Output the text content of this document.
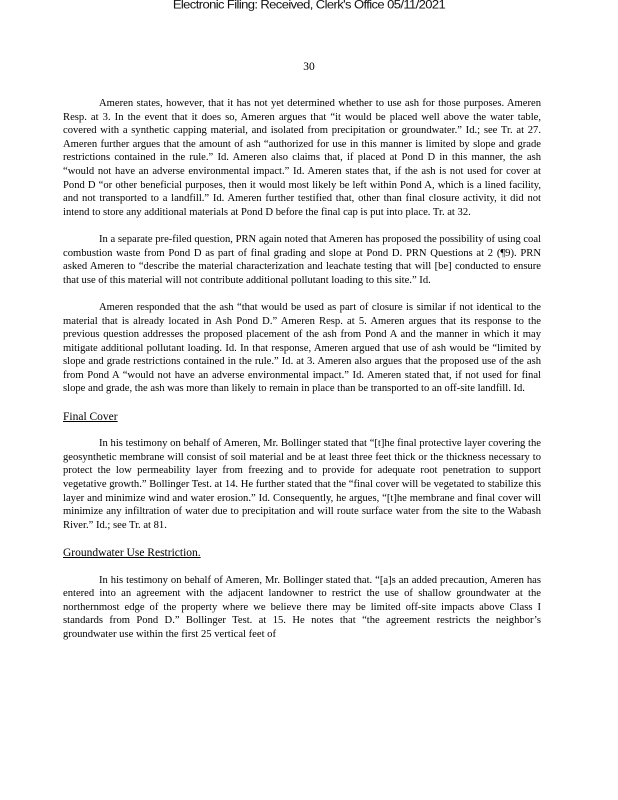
Electronic Filing: Received, Clerk's Office 05/11/2021
30

Ameren states, however, that it has not yet determined whether to use ash for those purposes. Ameren Resp. at 3. In the event that it does so, Ameren argues that “it would be placed well above the water table, covered with a synthetic capping material, and isolated from precipitation or groundwater.” Id.; see Tr. at 27. Ameren further argues that the amount of ash “authorized for use in this manner is limited by slope and grade restrictions contained in the rule.” Id. Ameren also claims that, if placed at Pond D in this manner, the ash “would not have an adverse environmental impact.” Id. Ameren states that, if the ash is not used for cover at Pond D “or other beneficial purposes, then it would most likely be left within Pond A, which is a lined facility, and not transported to a landfill.” Id. Ameren further testified that, other than final closure activity, it did not intend to store any additional materials at Pond D before the final cap is put into place. Tr. at 32.

In a separate pre-filed question, PRN again noted that Ameren has proposed the possibility of using coal combustion waste from Pond D as part of final grading and slope at Pond D. PRN Questions at 2 (¶9). PRN asked Ameren to “describe the material characterization and leachate testing that will [be] conducted to ensure that use of this material will not contribute additional pollutant loading to this site.” Id.

Ameren responded that the ash “that would be used as part of closure is similar if not identical to the material that is already located in Ash Pond D.” Ameren Resp. at 5. Ameren argues that its response to the previous question addresses the proposed placement of the ash from Pond A and the manner in which it may mitigate additional pollutant loading. Id. In that response, Ameren argued that use of ash would be “limited by slope and grade restrictions contained in the rule.” Id. at 3. Ameren also argues that the proposed use of the ash from Pond A “would not have an adverse environmental impact.” Id. Ameren stated that, if not used for final slope and grade, the ash was more than likely to remain in place than be transported to an off-site landfill. Id.

Final Cover

In his testimony on behalf of Ameren, Mr. Bollinger stated that “[t]he final protective layer covering the geosynthetic membrane will consist of soil material and be at least three feet thick or the thickness necessary to protect the low permeability layer from freezing and to provide for adequate root penetration to support vegetative growth.” Bollinger Test. at 14. He further stated that the “final cover will be vegetated to stabilize this layer and minimize wind and water erosion.” Id. Consequently, he argues, “[t]he membrane and final cover will minimize any infiltration of water due to precipitation and will route surface water from the site to the Wabash River.” Id.; see Tr. at 81.

Groundwater Use Restriction.

In his testimony on behalf of Ameren, Mr. Bollinger stated that. “[a]s an added precaution, Ameren has entered into an agreement with the adjacent landowner to restrict the use of shallow groundwater at the northernmost edge of the property where we believe there may be limited off-site impacts above Class I standards from Pond D.” Bollinger Test. at 15. He notes that “the agreement restricts the neighbor’s groundwater use within the first 25 vertical feet of
